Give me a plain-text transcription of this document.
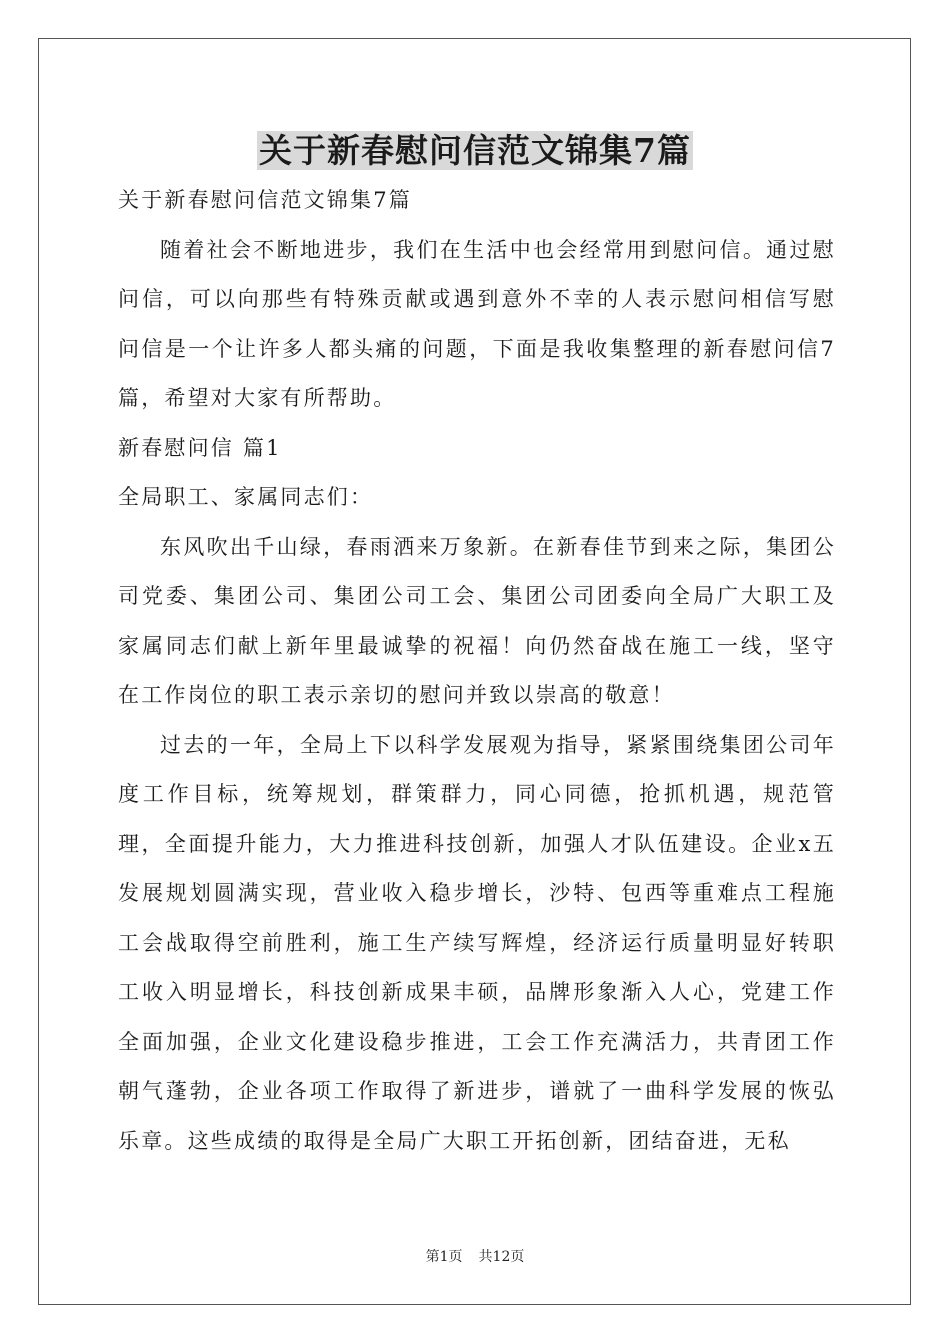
关于新春慰问信范文锦集7篇

关于新春慰问信范文锦集7篇

随着社会不断地进步，我们在生活中也会经常用到慰问信。通过慰问信，可以向那些有特殊贡献或遇到意外不幸的人表示慰问相信写慰问信是一个让许多人都头痛的问题，下面是我收集整理的新春慰问信7篇，希望对大家有所帮助。

新春慰问信 篇1

全局职工、家属同志们：

东风吹出千山绿，春雨洒来万象新。在新春佳节到来之际，集团公司党委、集团公司、集团公司工会、集团公司团委向全局广大职工及家属同志们献上新年里最诚挚的祝福！向仍然奋战在施工一线，坚守在工作岗位的职工表示亲切的慰问并致以崇高的敬意！

过去的一年，全局上下以科学发展观为指导，紧紧围绕集团公司年度工作目标，统筹规划，群策群力，同心同德，抢抓机遇，规范管理，全面提升能力，大力推进科技创新，加强人才队伍建设。企业x五发展规划圆满实现，营业收入稳步增长，沙特、包西等重难点工程施工会战取得空前胜利，施工生产续写辉煌，经济运行质量明显好转职工收入明显增长，科技创新成果丰硕，品牌形象渐入人心，党建工作全面加强，企业文化建设稳步推进，工会工作充满活力，共青团工作朝气蓬勃，企业各项工作取得了新进步，谱就了一曲科学发展的恢弘乐章。这些成绩的取得是全局广大职工开拓创新，团结奋进，无私

第1页 共12页
